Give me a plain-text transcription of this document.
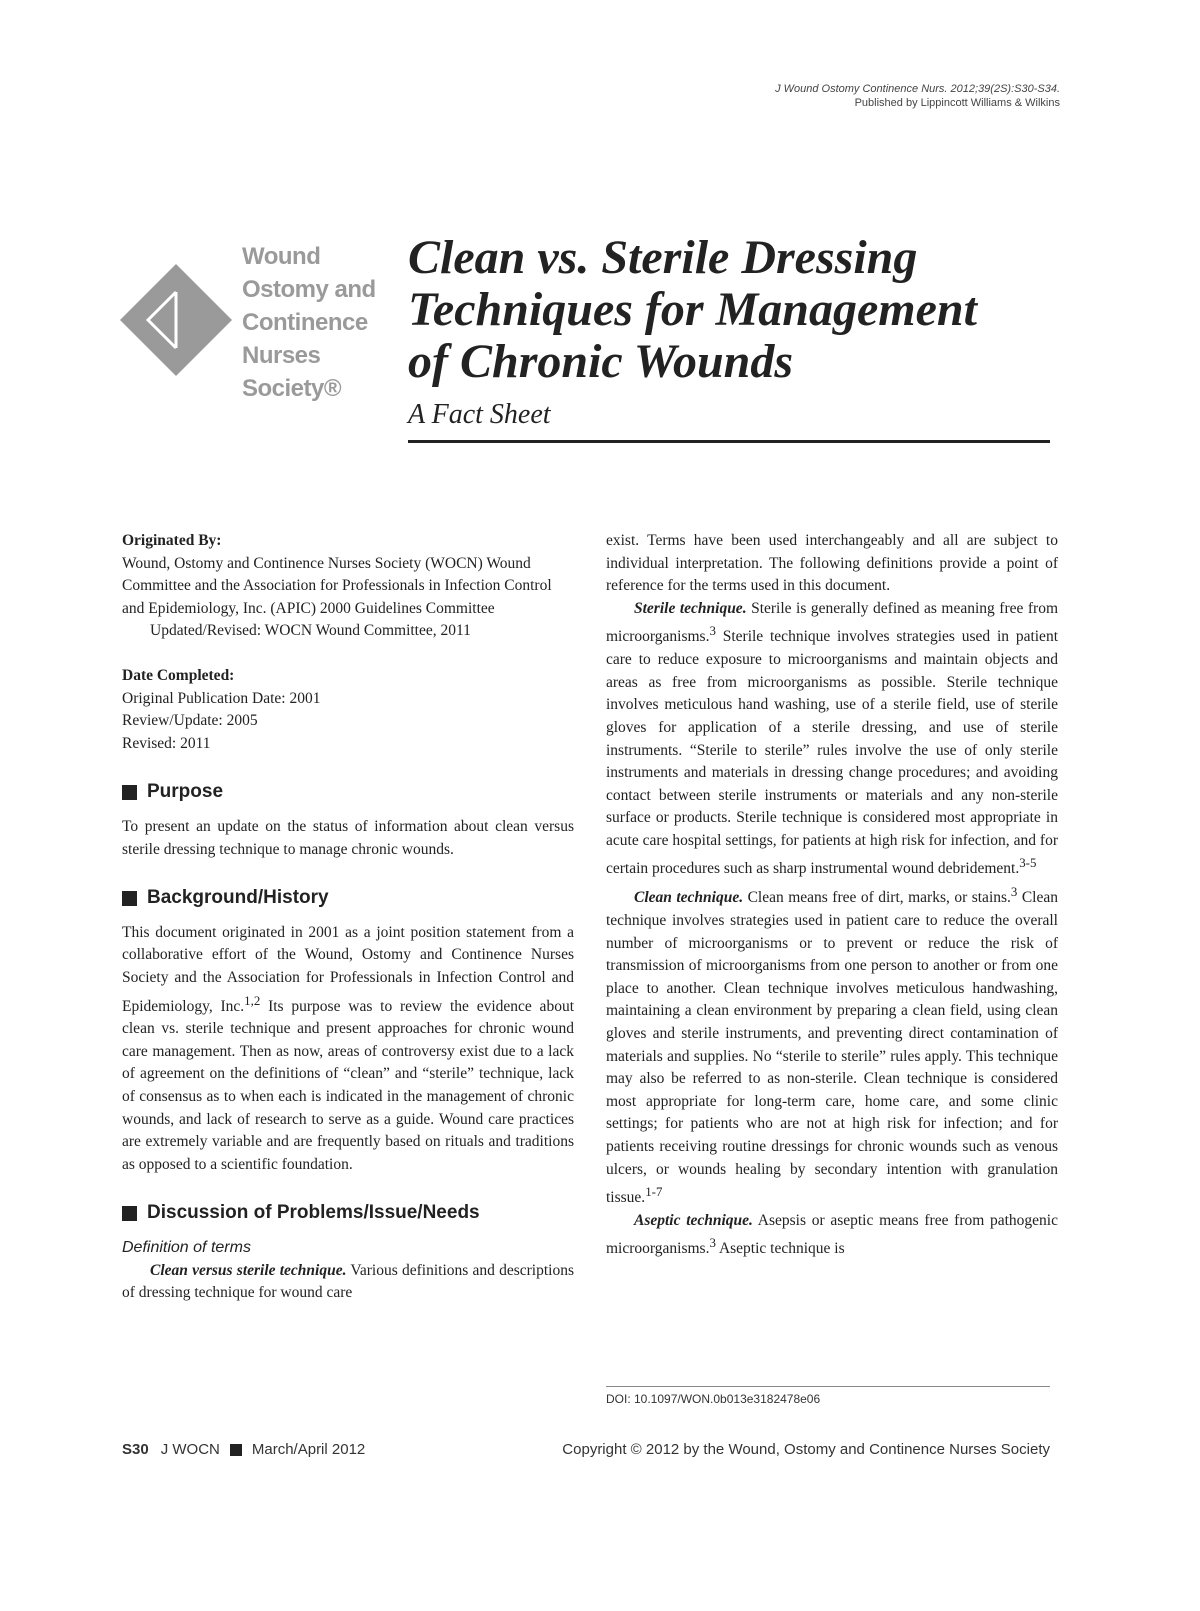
J Wound Ostomy Continence Nurs. 2012;39(2S):S30-S34.
Published by Lippincott Williams & Wilkins
Wound
Ostomy and
Continence
Nurses
Society®
Clean vs. Sterile Dressing
Techniques for Management
of Chronic Wounds
A Fact Sheet

Originated By:

Wound, Ostomy and Continence Nurses Society (WOCN) Wound Committee and the Association for Professionals in Infection Control and Epidemiology, Inc. (APIC) 2000 Guidelines Committee

Updated/Revised: WOCN Wound Committee, 2011

Date Completed:

Original Publication Date: 2001

Review/Update: 2005

Revised: 2011

Purpose

To present an update on the status of information about clean versus sterile dressing technique to manage chronic wounds.

Background/History

This document originated in 2001 as a joint position statement from a collaborative effort of the Wound, Ostomy and Continence Nurses Society and the Association for Professionals in Infection Control and Epidemiology, Inc.$^{1,2}$ Its purpose was to review the evidence about clean vs. sterile technique and present approaches for chronic wound care management. Then as now, areas of controversy exist due to a lack of agreement on the definitions of “clean” and “sterile” technique, lack of consensus as to when each is indicated in the management of chronic wounds, and lack of research to serve as a guide. Wound care practices are extremely variable and are frequently based on rituals and traditions as opposed to a scientific foundation.

Discussion of Problems/Issue/Needs

Definition of terms

Clean versus sterile technique. Various definitions and descriptions of dressing technique for wound care

exist. Terms have been used interchangeably and all are subject to individual interpretation. The following definitions provide a point of reference for the terms used in this document.

Sterile technique. Sterile is generally defined as meaning free from microorganisms.$^3$ Sterile technique involves strategies used in patient care to reduce exposure to microorganisms and maintain objects and areas as free from microorganisms as possible. Sterile technique involves meticulous hand washing, use of a sterile field, use of sterile gloves for application of a sterile dressing, and use of sterile instruments. “Sterile to sterile” rules involve the use of only sterile instruments and materials in dressing change procedures; and avoiding contact between sterile instruments or materials and any non-sterile surface or products. Sterile technique is considered most appropriate in acute care hospital settings, for patients at high risk for infection, and for certain procedures such as sharp instrumental wound debridement.$^{3-5}$

Clean technique. Clean means free of dirt, marks, or stains.$^3$ Clean technique involves strategies used in patient care to reduce the overall number of microorganisms or to prevent or reduce the risk of transmission of microorganisms from one person to another or from one place to another. Clean technique involves meticulous handwashing, maintaining a clean environment by preparing a clean field, using clean gloves and sterile instruments, and preventing direct contamination of materials and supplies. No “sterile to sterile” rules apply. This technique may also be referred to as non-sterile. Clean technique is considered most appropriate for long-term care, home care, and some clinic settings; for patients who are not at high risk for infection; and for patients receiving routine dressings for chronic wounds such as venous ulcers, or wounds healing by secondary intention with granulation tissue.$^{1-7}$

Aseptic technique. Asepsis or aseptic means free from pathogenic microorganisms.$^3$ Aseptic technique is

DOI: 10.1097/WON.0b013e3182478e06
S30 J WOCN March/April 2012	Copyright © 2012 by the Wound, Ostomy and Continence Nurses Society
